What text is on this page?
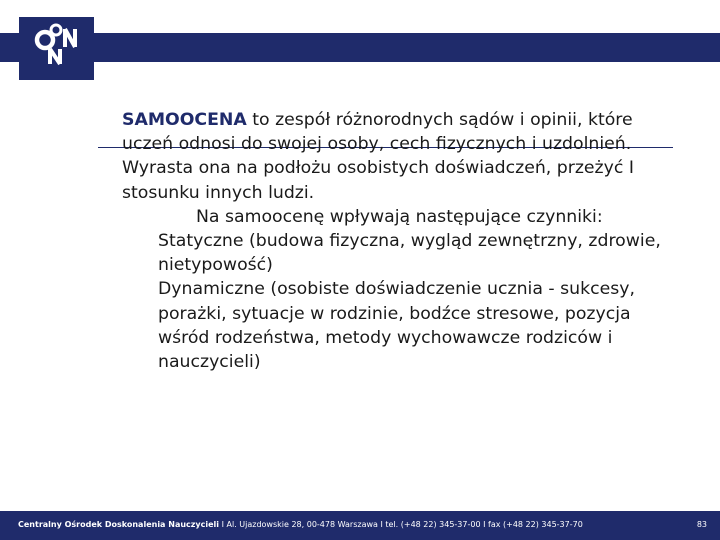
SAMOOCENA to zespół różnorodnych sądów i opinii, które uczeń odnosi do swojej osoby, cech fizycznych i uzdolnień. Wyrasta ona na podłożu osobistych doświadczeń, przeżyć I stosunku innych ludzi.

Na samoocenę wpływają następujące czynniki:

Statyczne (budowa fizyczna, wygląd zewnętrzny, zdrowie, nietypowość)

Dynamiczne (osobiste doświadczenie ucznia - sukcesy, porażki, sytuacje w rodzinie, bodźce stresowe, pozycja wśród rodzeństwa, metody wychowawcze rodziców i nauczycieli)

Centralny Ośrodek Doskonalenia Nauczycieli I Al. Ujazdowskie 28, 00-478 Warszawa I tel. (+48 22) 345-37-00 I fax (+48 22) 345-37-70	83
